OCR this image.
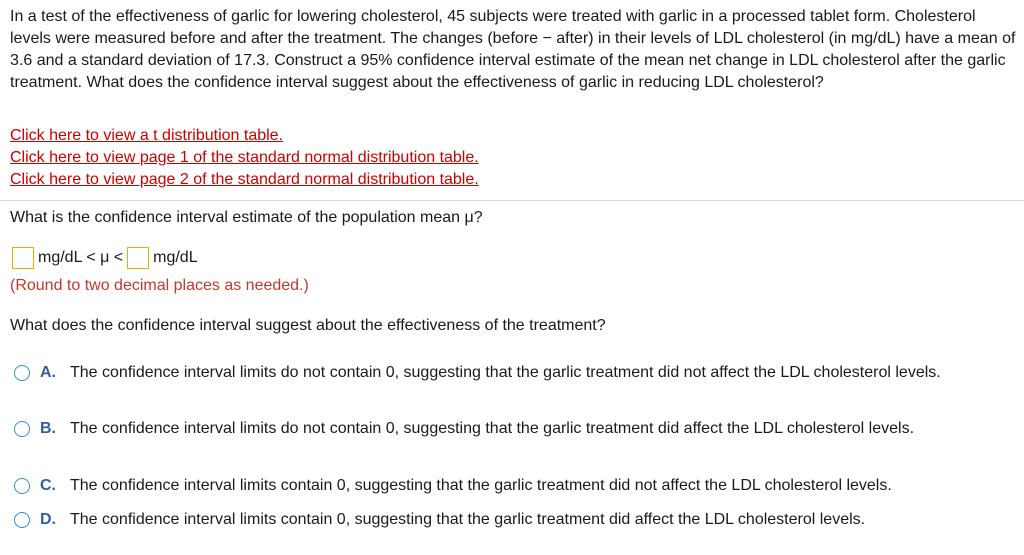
In a test of the effectiveness of garlic for lowering cholesterol, 45 subjects were treated with garlic in a processed tablet form. Cholesterol levels were measured before and after the treatment. The changes (before − after) in their levels of LDL cholesterol (in mg/dL) have a mean of 3.6 and a standard deviation of 17.3. Construct a 95% confidence interval estimate of the mean net change in LDL cholesterol after the garlic treatment. What does the confidence interval suggest about the effectiveness of garlic in reducing LDL cholesterol?
Click here to view a t distribution table.
Click here to view page 1 of the standard normal distribution table.
Click here to view page 2 of the standard normal distribution table.
What is the confidence interval estimate of the population mean μ?
mg/dL < μ < mg/dL
(Round to two decimal places as needed.)
What does the confidence interval suggest about the effectiveness of the treatment?
A. The confidence interval limits do not contain 0, suggesting that the garlic treatment did not affect the LDL cholesterol levels.
B. The confidence interval limits do not contain 0, suggesting that the garlic treatment did affect the LDL cholesterol levels.
C. The confidence interval limits contain 0, suggesting that the garlic treatment did not affect the LDL cholesterol levels.
D. The confidence interval limits contain 0, suggesting that the garlic treatment did affect the LDL cholesterol levels.
